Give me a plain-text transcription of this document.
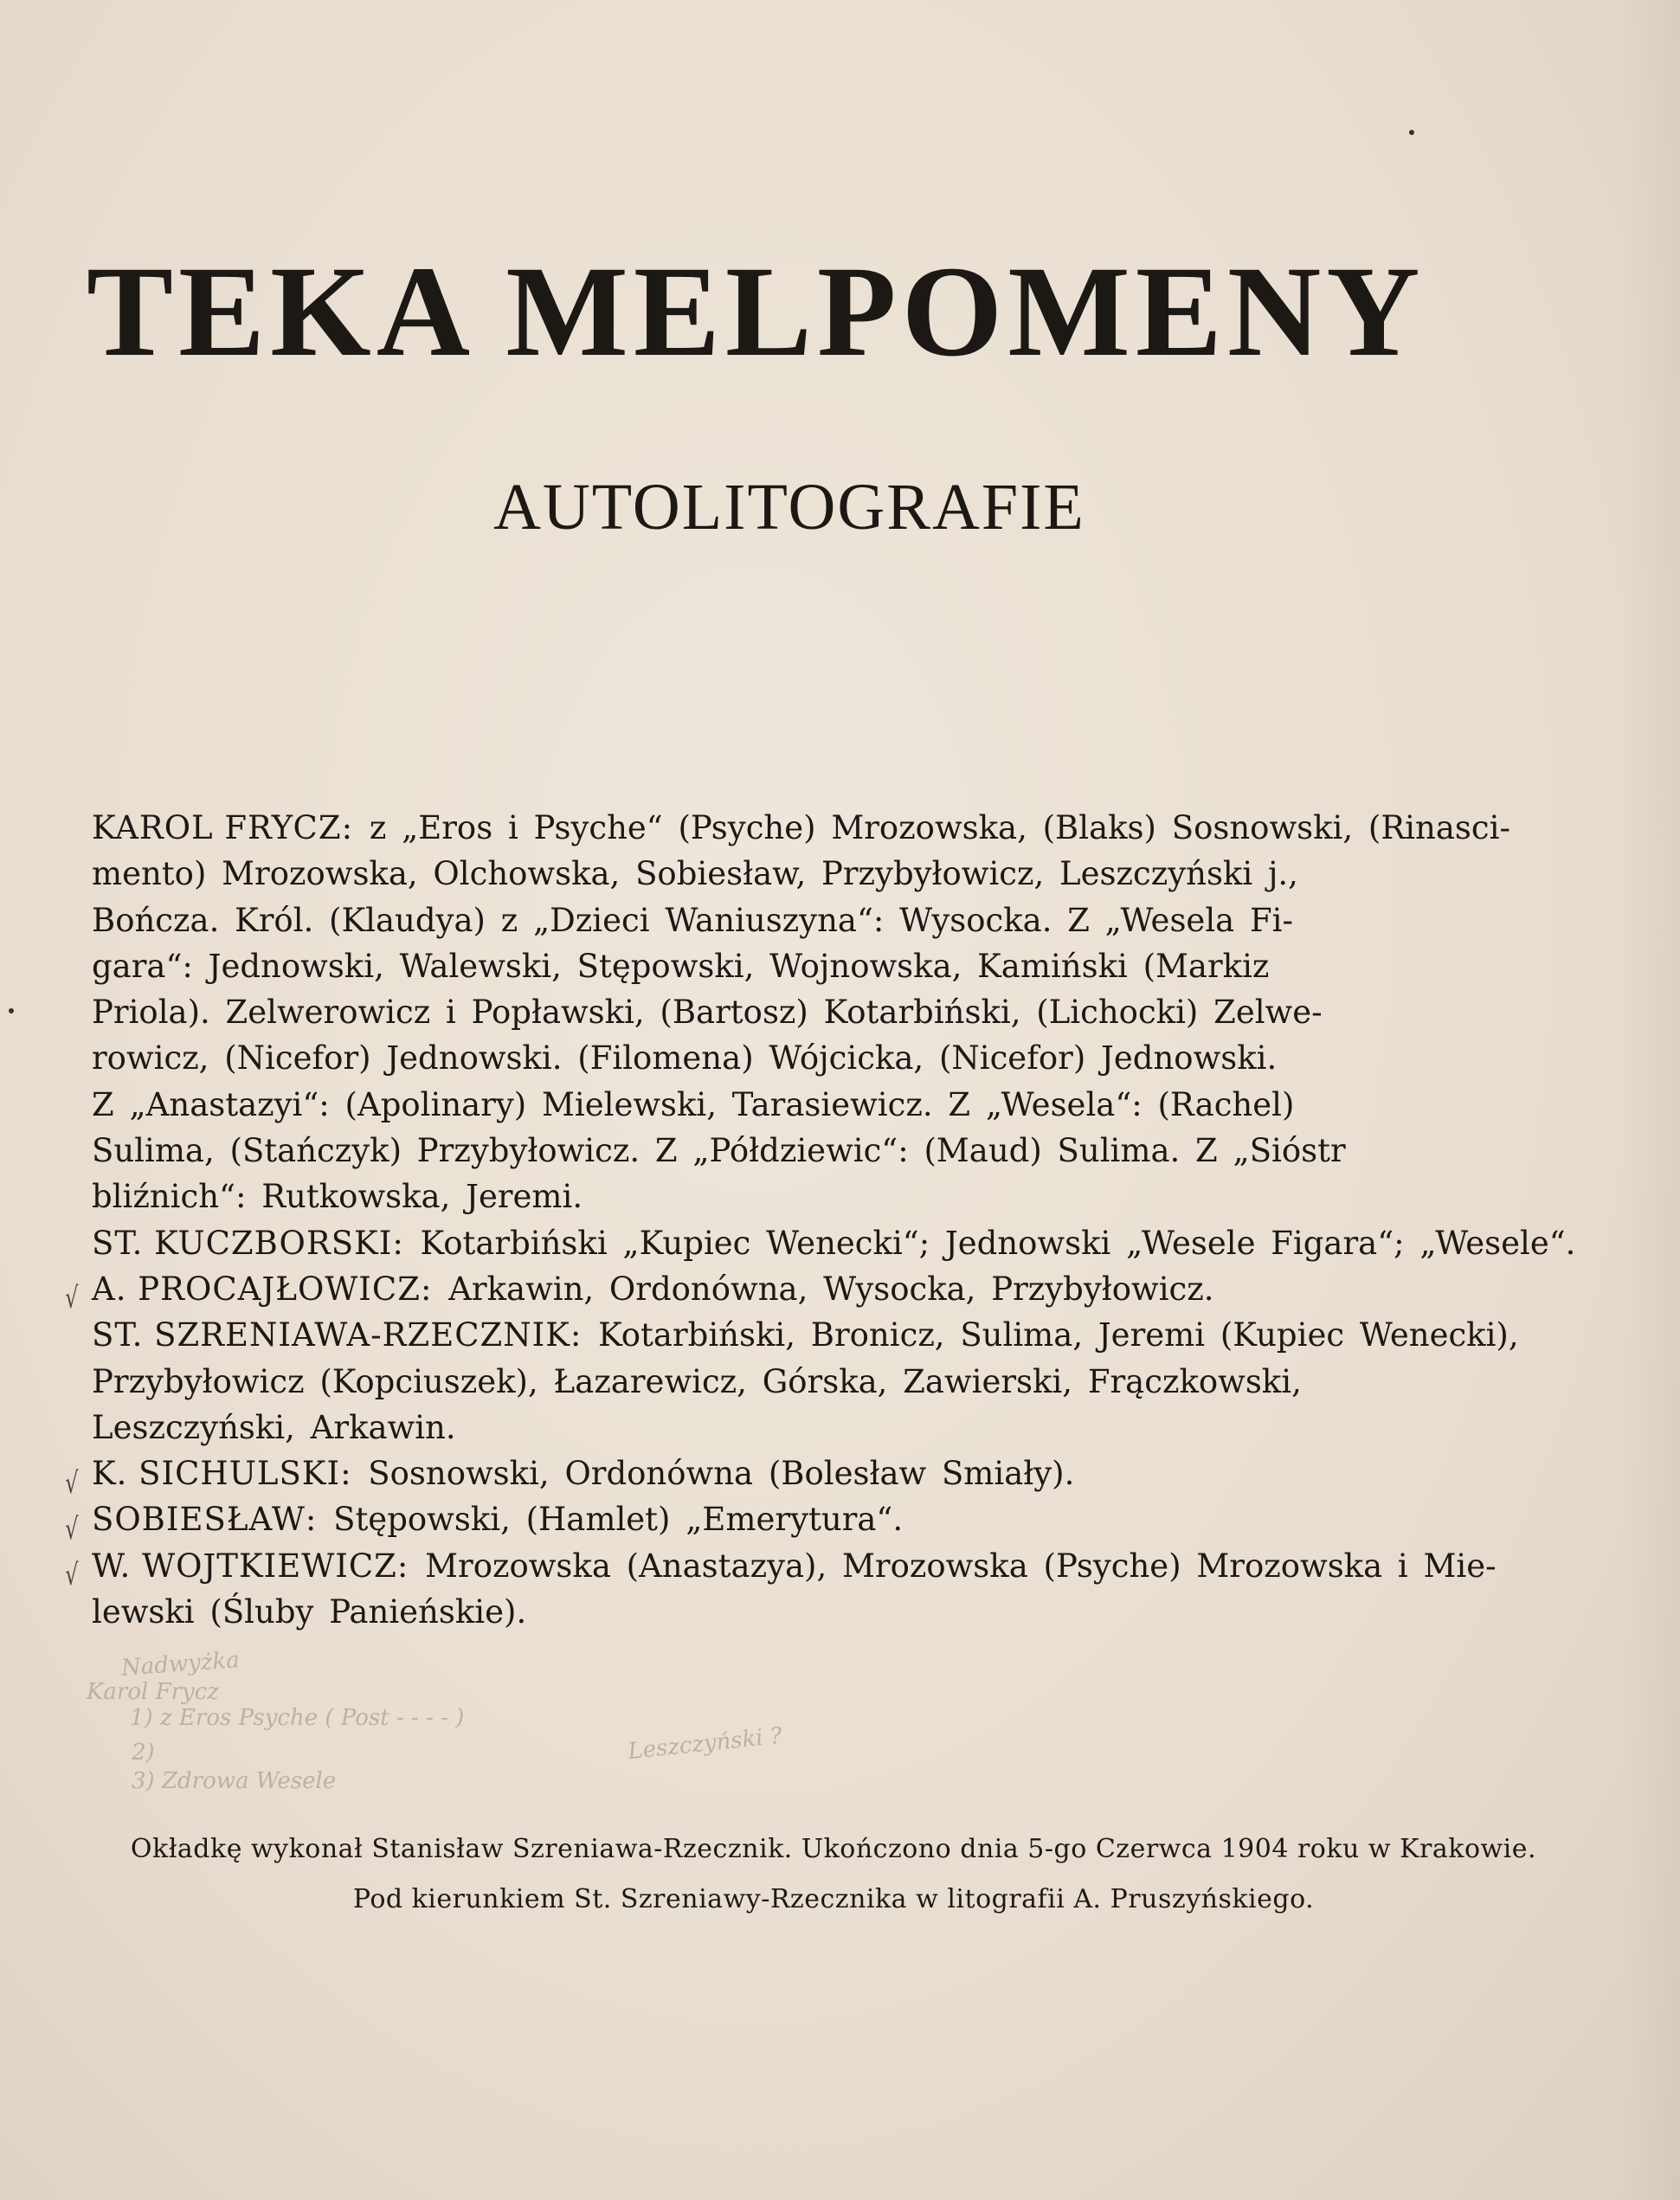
TEKA MELPOMENY
AUTOLITOGRAFIE
√
√
√
√
KAROL FRYCZ: z „Eros i Psyche“ (Psyche) Mrozowska, (Blaks) Sosnowski, (Rinasci-
mento) Mrozowska, Olchowska, Sobiesław, Przybyłowicz, Leszczyński j.,
Bończa. Król. (Klaudya) z „Dzieci Waniuszyna“: Wysocka. Z „Wesela Fi-
gara“: Jednowski, Walewski, Stępowski, Wojnowska, Kamiński (Markiz
Priola). Zelwerowicz i Popławski, (Bartosz) Kotarbiński, (Lichocki) Zelwe-
rowicz, (Nicefor) Jednowski. (Filomena) Wójcicka, (Nicefor) Jednowski.
Z „Anastazyi“: (Apolinary) Mielewski, Tarasiewicz. Z „Wesela“: (Rachel)
Sulima, (Stańczyk) Przybyłowicz. Z „Półdziewic“: (Maud) Sulima. Z „Sióstr
bliźnich“: Rutkowska, Jeremi.
ST. KUCZBORSKI: Kotarbiński „Kupiec Wenecki“; Jednowski „Wesele Figara“; „Wesele“.
A. PROCAJŁOWICZ: Arkawin, Ordonówna, Wysocka, Przybyłowicz.
ST. SZRENIAWA-RZECZNIK: Kotarbiński, Bronicz, Sulima, Jeremi (Kupiec Wenecki),
Przybyłowicz (Kopciuszek), Łazarewicz, Górska, Zawierski, Frączkowski,
Leszczyński, Arkawin.
K. SICHULSKI: Sosnowski, Ordonówna (Bolesław Smiały).
SOBIESŁAW: Stępowski, (Hamlet) „Emerytura“.
W. WOJTKIEWICZ: Mrozowska (Anastazya), Mrozowska (Psyche) Mrozowska i Mie-
lewski (Śluby Panieńskie).
Nadwyżka
Karol Frycz
1) z Eros Psyche ( Post - - - - )
2)
3) Zdrowa Wesele
Leszczyński ?
Okładkę wykonał Stanisław Szreniawa-Rzecznik. Ukończono dnia 5-go Czerwca 1904 roku w Krakowie.
Pod kierunkiem St. Szreniawy-Rzecznika w litografii A. Pruszyńskiego.
